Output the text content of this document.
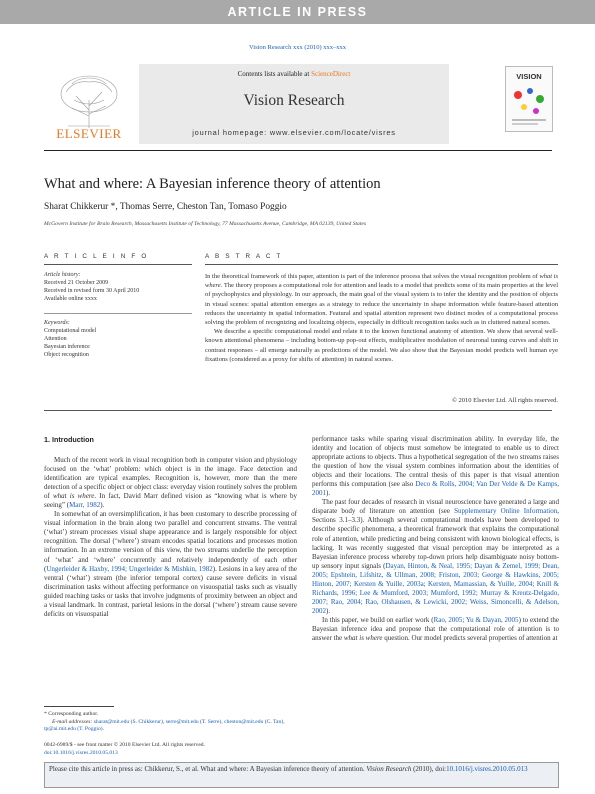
ARTICLE IN PRESS
Vision Research xxx (2010) xxx–xxx
ELSEVIER
Contents lists available at ScienceDirect
Vision Research
journal homepage: www.elsevier.com/locate/visres
VISION
What and where: A Bayesian inference theory of attention
Sharat Chikkerur *, Thomas Serre, Cheston Tan, Tomaso Poggio
McGovern Institute for Brain Research, Massachusetts Institute of Technology, 77 Massachusetts Avenue, Cambridge, MA 02139, United States
A R T I C L E I N F O	A B S T R A C T
Article history:
Received 21 October 2009
Received in revised form 30 April 2010
Available online xxxx
Keywords:
Computational model
Attention
Bayesian inference
Object recognition

In the theoretical framework of this paper, attention is part of the inference process that solves the visual recognition problem of what is where. The theory proposes a computational role for attention and leads to a model that predicts some of its main properties at the level of psychophysics and physiology. In our approach, the main goal of the visual system is to infer the identity and the position of objects in visual scenes: spatial attention emerges as a strategy to reduce the uncertainty in shape information while feature-based attention reduces the uncertainty in spatial information. Featural and spatial attention represent two distinct modes of a computational process solving the problem of recognizing and localizing objects, especially in difficult recognition tasks such as in cluttered natural scenes.

We describe a specific computational model and relate it to the known functional anatomy of attention. We show that several well-known attentional phenomena – including bottom-up pop-out effects, multiplicative modulation of neuronal tuning curves and shift in contrast responses – all emerge naturally as predictions of the model. We also show that the Bayesian model predicts well human eye fixations (considered as a proxy for shifts of attention) in natural scenes.

© 2010 Elsevier Ltd. All rights reserved.
1. Introduction

Much of the recent work in visual recognition both in computer vision and physiology focused on the ‘what’ problem: which object is in the image. Face detection and identification are typical examples. Recognition is, however, more than the mere detection of a specific object or object class: everyday vision routinely solves the problem of what is where. In fact, David Marr defined vision as “knowing what is where by seeing” (Marr, 1982).

In somewhat of an oversimplification, it has been customary to describe processing of visual information in the brain along two parallel and concurrent streams. The ventral (‘what’) stream processes visual shape appearance and is largely responsible for object recognition. The dorsal (‘where’) stream encodes spatial locations and processes motion information. In an extreme version of this view, the two streams underlie the perception of ‘what’ and ‘where’ concurrently and relatively independently of each other (Ungerleider & Haxby, 1994; Ungerleider & Mishkin, 1982). Lesions in a key area of the ventral (‘what’) stream (the inferior temporal cortex) cause severe deficits in visual discrimination tasks without affecting performance on visuospatial tasks such as visually guided reaching tasks or tasks that involve judgments of proximity between an object and a visual landmark. In contrast, parietal lesions in the dorsal (‘where’) stream cause severe deficits on visuospatial

performance tasks while sparing visual discrimination ability. In everyday life, the identity and location of objects must somehow be integrated to enable us to direct appropriate actions to objects. Thus a hypothetical segregation of the two streams raises the question of how the visual system combines information about the identities of objects and their locations. The central thesis of this paper is that visual attention performs this computation (see also Deco & Rolls, 2004; Van Der Velde & De Kamps, 2001).

The past four decades of research in visual neuroscience have generated a large and disparate body of literature on attention (see Supplementary Online Information, Sections 3.1–3.3). Although several computational models have been developed to describe specific phenomena, a theoretical framework that explains the computational role of attention, while predicting and being consistent with known biological effects, is lacking. It was recently suggested that visual perception may be interpreted as a Bayesian inference process whereby top-down priors help disambiguate noisy bottom-up sensory input signals (Dayan, Hinton, & Neal, 1995; Dayan & Zemel, 1999; Dean, 2005; Epshtein, Lifshitz, & Ullman, 2008; Friston, 2003; George & Hawkins, 2005; Hinton, 2007; Kersten & Yuille, 2003a; Kersten, Mamassian, & Yuille, 2004; Knill & Richards, 1996; Lee & Mumford, 2003; Mumford, 1992; Murray & Kreutz-Delgado, 2007; Rao, 2004; Rao, Olshausen, & Lewicki, 2002; Weiss, Simoncelli, & Adelson, 2002).

In this paper, we build on earlier work (Rao, 2005; Yu & Dayan, 2005) to extend the Bayesian inference idea and propose that the computational role of attention is to answer the what is where question. Our model predicts several properties of attention at

* Corresponding author.
E-mail addresses: sharat@mit.edu (S. Chikkerur), serre@mit.edu (T. Serre), cheston@mit.edu (C. Tan), tp@ai.mit.edu (T. Poggio).
0042-6989/$ - see front matter © 2010 Elsevier Ltd. All rights reserved.
doi:10.1016/j.visres.2010.05.013
Please cite this article in press as: Chikkerur, S., et al. What and where: A Bayesian inference theory of attention. Vision Research (2010), doi:10.1016/j.visres.2010.05.013
